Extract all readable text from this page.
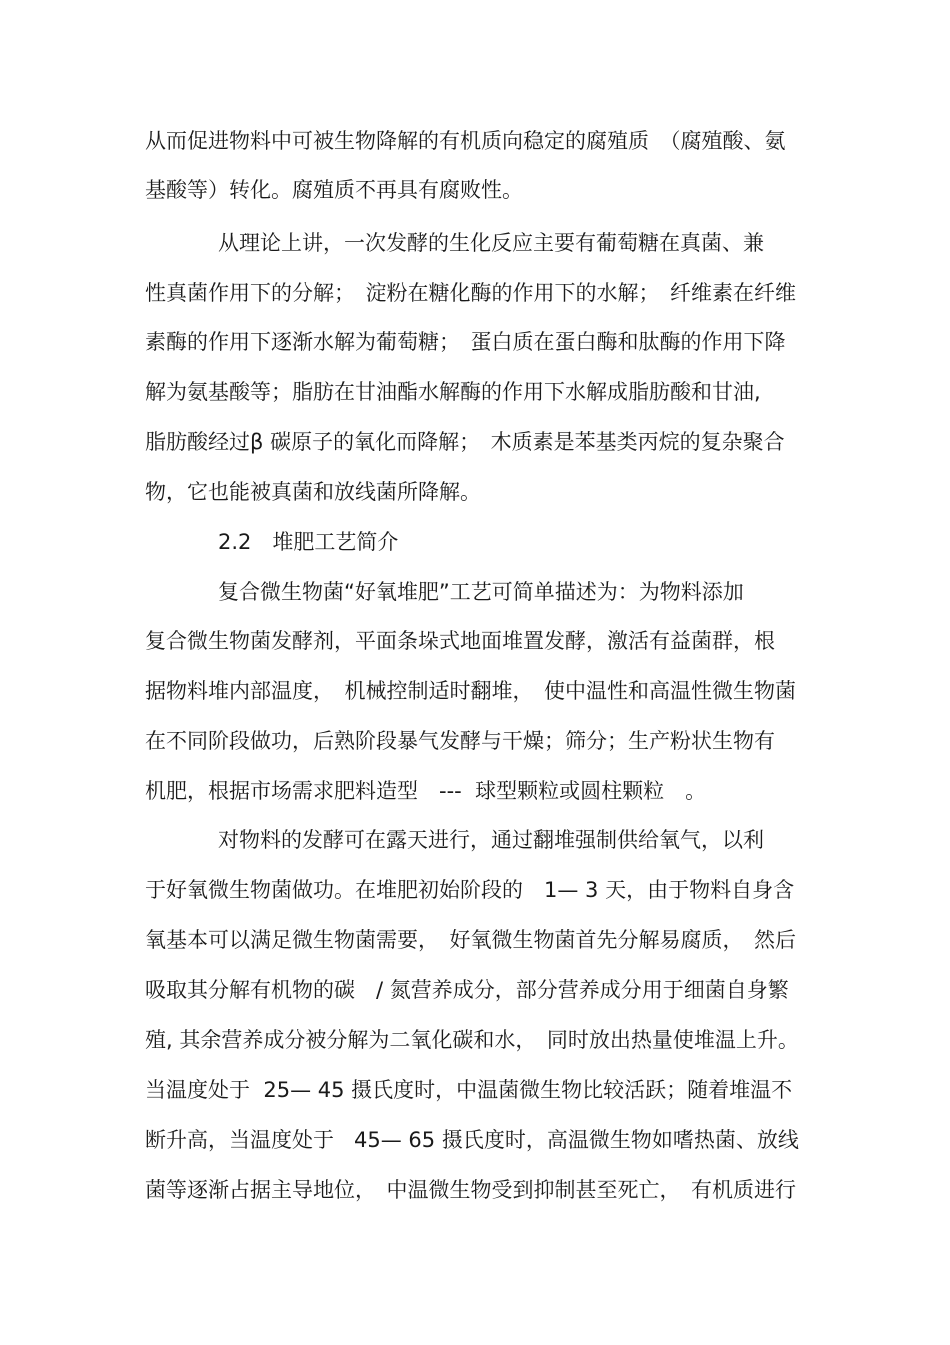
从而促进物料中可被生物降解的有机质向稳定的腐殖质　（腐殖酸、氨
基酸等）转化。腐殖质不再具有腐败性。
从理论上讲，一次发酵的生化反应主要有葡萄糖在真菌、兼
性真菌作用下的分解；　淀粉在糖化酶的作用下的水解；　纤维素在纤维
素酶的作用下逐渐水解为葡萄糖；　蛋白质在蛋白酶和肽酶的作用下降
解为氨基酸等；脂肪在甘油酯水解酶的作用下水解成脂肪酸和甘油,
脂肪酸经过β 碳原子的氧化而降解；　木质素是苯基类丙烷的复杂聚合
物，它也能被真菌和放线菌所降解。
2.2　堆肥工艺简介
复合微生物菌“好氧堆肥”工艺可简单描述为：为物料添加
复合微生物菌发酵剂，平面条垛式地面堆置发酵，激活有益菌群，根
据物料堆内部温度，　机械控制适时翻堆，　使中温性和高温性微生物菌
在不同阶段做功，后熟阶段暴气发酵与干燥；筛分；生产粉状生物有
机肥，根据市场需求肥料造型　---  球型颗粒或圆柱颗粒　。
对物料的发酵可在露天进行，通过翻堆强制供给氧气，以利
于好氧微生物菌做功。在堆肥初始阶段的　1— 3 天，由于物料自身含
氧基本可以满足微生物菌需要，　好氧微生物菌首先分解易腐质，　然后
吸取其分解有机物的碳　/ 氮营养成分，部分营养成分用于细菌自身繁
殖, 其余营养成分被分解为二氧化碳和水，　同时放出热量使堆温上升。
当温度处于  25— 45 摄氏度时，中温菌微生物比较活跃；随着堆温不
断升高，当温度处于   45— 65 摄氏度时，高温微生物如嗜热菌、放线
菌等逐渐占据主导地位，　中温微生物受到抑制甚至死亡，　有机质进行
